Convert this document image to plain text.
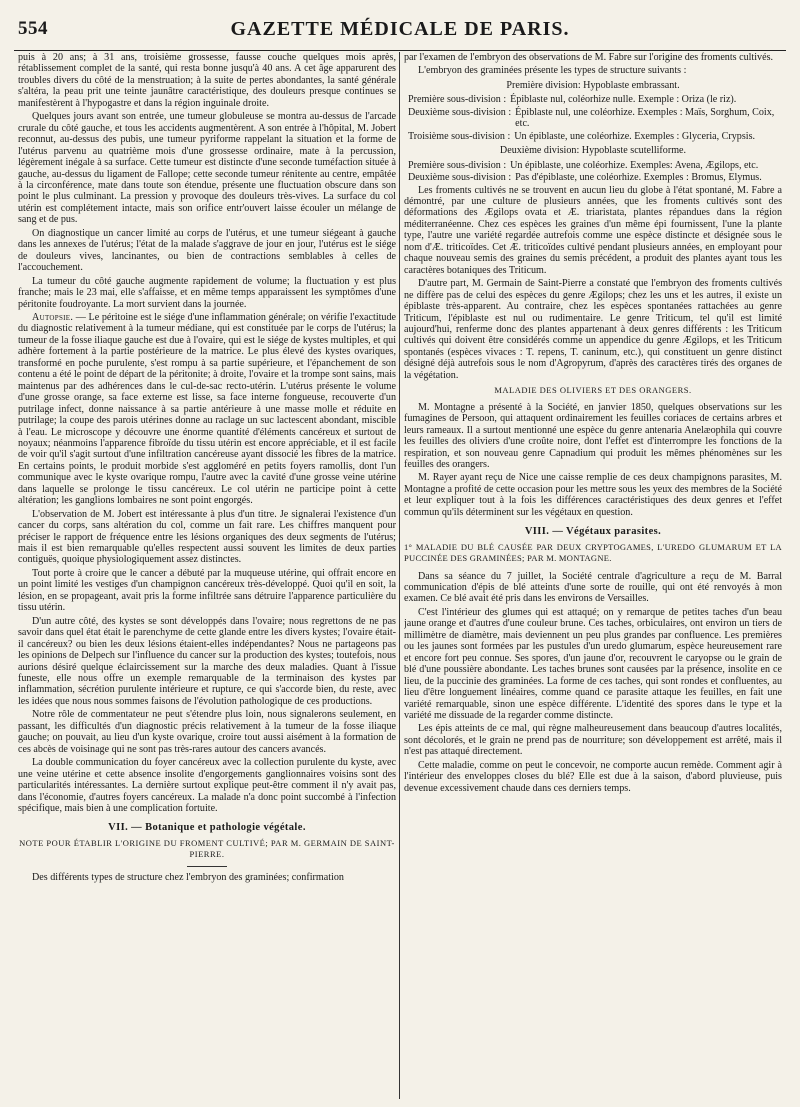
554	GAZETTE MÉDICALE DE PARIS.

puis à 20 ans; à 31 ans, troisième grossesse, fausse couche quelques mois après, rétablissement complet de la santé, qui resta bonne jusqu'à 40 ans. A cet âge apparurent des troubles divers du côté de la menstruation; à la suite de pertes abondantes, la santé générale s'altéra, la peau prit une teinte jaunâtre caractéristique, des douleurs presque continues se manifestèrent à l'hypogastre et dans la région inguinale droite.

Quelques jours avant son entrée, une tumeur globuleuse se montra au-dessus de l'arcade crurale du côté gauche, et tous les accidents augmentèrent. A son entrée à l'hôpital, M. Jobert reconnut, au-dessus des pubis, une tumeur pyriforme rappelant la situation et la forme de l'utérus parvenu au quatrième mois d'une grossesse ordinaire, mate à la percussion, légèrement inégale à sa surface. Cette tumeur est distincte d'une seconde tuméfaction située à gauche, au-dessus du ligament de Fallope; cette seconde tumeur rénitente au centre, empâtée à la circonférence, mate dans toute son étendue, présente une fluctuation obscure dans son point le plus culminant. La pression y provoque des douleurs très-vives. La surface du col utérin est complétement intacte, mais son orifice entr'ouvert laisse écouler un mélange de sang et de pus.

On diagnostique un cancer limité au corps de l'utérus, et une tumeur siégeant à gauche dans les annexes de l'utérus; l'état de la malade s'aggrave de jour en jour, l'utérus est le siége de douleurs vives, lancinantes, ou bien de contractions semblables à celles de l'accouchement.

La tumeur du côté gauche augmente rapidement de volume; la fluctuation y est plus franche; mais le 23 mai, elle s'affaisse, et en même temps apparaissent les symptômes d'une péritonite foudroyante. La mort survient dans la journée.

Autopsie. — Le péritoine est le siége d'une inflammation générale; on vérifie l'exactitude du diagnostic relativement à la tumeur médiane, qui est constituée par le corps de l'utérus; la tumeur de la fosse iliaque gauche est due à l'ovaire, qui est le siége de kystes multiples, et qui adhère fortement à la partie postérieure de la matrice. Le plus élevé des kystes ovariques, transformé en poche purulente, s'est rompu à sa partie supérieure, et l'épanchement de son contenu a été le point de départ de la péritonite; à droite, l'ovaire et la trompe sont sains, mais maintenus par des adhérences dans le cul-de-sac recto-utérin. L'utérus présente le volume d'une grosse orange, sa face externe est lisse, sa face interne fongueuse, recouverte d'un putrilage infect, donne naissance à sa partie antérieure à une masse molle et réduite en putrilage; la coupe des parois utérines donne au raclage un suc lactescent abondant, miscible à l'eau. Le microscope y découvre une énorme quantité d'éléments cancéreux et surtout de noyaux; néanmoins l'apparence fibroïde du tissu utérin est encore appréciable, et il est facile de voir qu'il s'agit surtout d'une infiltration cancéreuse ayant dissocié les fibres de la matrice. En certains points, le produit morbide s'est aggloméré en petits foyers ramollis, dont l'un communique avec le kyste ovarique rompu, l'autre avec la cavité d'une grosse veine utérine dans laquelle se prolonge le tissu cancéreux. Le col utérin ne participe point à cette altération; les ganglions lombaires ne sont point engorgés.

L'observation de M. Jobert est intéressante à plus d'un titre. Je signalerai l'existence d'un cancer du corps, sans altération du col, comme un fait rare. Les chiffres manquent pour préciser le rapport de fréquence entre les lésions organiques des deux segments de l'utérus; mais il est bien remarquable qu'elles respectent aussi souvent les limites de deux parties contiguës, quoique physiologiquement assez distinctes.

Tout porte à croire que le cancer a débuté par la muqueuse utérine, qui offrait encore en un point limité les vestiges d'un champignon cancéreux très-développé. Quoi qu'il en soit, la lésion, en se propageant, avait pris la forme infiltrée sans détruire l'apparence particulière du tissu utérin.

D'un autre côté, des kystes se sont développés dans l'ovaire; nous regrettons de ne pas savoir dans quel état était le parenchyme de cette glande entre les divers kystes; l'ovaire était-il cancéreux? ou bien les deux lésions étaient-elles indépendantes? Nous ne partageons pas les opinions de Delpech sur l'influence du cancer sur la production des kystes; toutefois, nous aurions désiré quelque éclaircissement sur la marche des deux maladies. Quant à l'issue funeste, elle nous offre un exemple remarquable de la terminaison des kystes par inflammation, sécrétion purulente intérieure et rupture, ce qui s'accorde bien, du reste, avec les idées que nous nous sommes faisons de l'évolution pathologique de ces productions.

Notre rôle de commentateur ne peut s'étendre plus loin, nous signalerons seulement, en passant, les difficultés d'un diagnostic précis relativement à la tumeur de la fosse iliaque gauche; on pouvait, au lieu d'un kyste ovarique, croire tout aussi aisément à la formation de ces abcès de voisinage qui ne sont pas très-rares autour des cancers avancés.

La double communication du foyer cancéreux avec la collection purulente du kyste, avec une veine utérine et cette absence insolite d'engorgements ganglionnaires voisins sont des particularités intéressantes. La dernière surtout explique peut-être comment il n'y avait pas, dans l'économie, d'autres foyers cancéreux. La malade n'a donc point succombé à l'infection spécifique, mais bien à une complication fortuite.

VII. — Botanique et pathologie végétale.
NOTE POUR ÉTABLIR L'ORIGINE DU FROMENT CULTIVÉ; PAR M. GERMAIN DE SAINT-PIERRE.

Des différents types de structure chez l'embryon des graminées; confirmation

par l'examen de l'embryon des observations de M. Fabre sur l'origine des froments cultivés.

L'embryon des graminées présente les types de structure suivants :

Première division: Hypoblaste embrassant.
Première sous-division : Épiblaste nul, coléorhize nulle. Exemple : Oriza (le riz).
Deuxième sous-division : Épiblaste nul, une coléorhize. Exemples : Maïs, Sorghum, Coix, etc.
Troisième sous-division : Un épiblaste, une coléorhize. Exemples : Glyceria, Crypsis.
Deuxième division: Hypoblaste scutelliforme.
Première sous-division : Un épiblaste, une coléorhize. Exemples: Avena, Ægilops, etc.
Deuxième sous-division : Pas d'épiblaste, une coléorhize. Exemples : Bromus, Elymus.

Les froments cultivés ne se trouvent en aucun lieu du globe à l'état spontané, M. Fabre a démontré, par une culture de plusieurs années, que les froments cultivés sont des déformations des Ægilops ovata et Æ. triaristata, plantes répandues dans la région méditerranéenne. Chez ces espèces les graines d'un même épi fournissent, l'une la plante type, l'autre une variété regardée autrefois comme une espèce distincte et désignée sous le nom d'Æ. triticoïdes. Cet Æ. triticoïdes cultivé pendant plusieurs années, en employant pour chaque nouveau semis des graines du semis précédent, a produit des plantes ayant tous les caractères botaniques des Triticum.

D'autre part, M. Germain de Saint-Pierre a constaté que l'embryon des froments cultivés ne diffère pas de celui des espèces du genre Ægilops; chez les uns et les autres, il existe un épiblaste très-apparent. Au contraire, chez les espèces spontanées rattachées au genre Triticum, l'épiblaste est nul ou rudimentaire. Le genre Triticum, tel qu'il est limité aujourd'hui, renferme donc des plantes appartenant à deux genres différents : les Triticum cultivés qui doivent être considérés comme un appendice du genre Ægilops, et les Triticum spontanés (espèces vivaces : T. repens, T. caninum, etc.), qui constituent un genre distinct désigné déjà autrefois sous le nom d'Agropyrum, d'après des caractères tirés des organes de la végétation.

MALADIE DES OLIVIERS ET DES ORANGERS.

M. Montagne a présenté à la Société, en janvier 1850, quelques observations sur les fumagines de Persoon, qui attaquent ordinairement les feuilles coriaces de certains arbres et leurs rameaux. Il a surtout mentionné une espèce du genre antenaria Anelæophila qui couvre les feuilles des oliviers d'une croûte noire, dont l'effet est d'interrompre les fonctions de la respiration, et son nouveau genre Capnadium qui produit les mêmes phénomènes sur les feuilles des orangers.

M. Rayer ayant reçu de Nice une caisse remplie de ces deux champignons parasites, M. Montagne a profité de cette occasion pour les mettre sous les yeux des membres de la Société et leur expliquer tout à la fois les différences caractéristiques des deux genres et l'effet commun qu'ils déterminent sur les végétaux en question.

VIII. — Végétaux parasites.
1° MALADIE DU BLÉ CAUSÉE PAR DEUX CRYPTOGAMES, L'UREDO GLUMARUM ET LA PUCCINÉE DES GRAMINÉES; PAR M. MONTAGNE.

Dans sa séance du 7 juillet, la Société centrale d'agriculture a reçu de M. Barral communication d'épis de blé atteints d'une sorte de rouille, qui ont été renvoyés à mon examen. Ce blé avait été pris dans les environs de Versailles.

C'est l'intérieur des glumes qui est attaqué; on y remarque de petites taches d'un beau jaune orange et d'autres d'une couleur brune. Ces taches, orbiculaires, ont environ un tiers de millimètre de diamètre, mais deviennent un peu plus grandes par confluence. Les premières ou les jaunes sont formées par les pustules d'un uredo glumarum, espèce heureusement rare et encore fort peu connue. Ses spores, d'un jaune d'or, recouvrent le caryopse ou le grain de blé d'une poussière abondante. Les taches brunes sont causées par la présence, insolite en ce lieu, de la puccinie des graminées. La forme de ces taches, qui sont rondes et confluentes, au lieu d'être longuement linéaires, comme quand ce parasite attaque les feuilles, en fait une variété remarquable, sinon une espèce différente. L'identité des spores dans le type et la variété me dissuade de la regarder comme distincte.

Les épis atteints de ce mal, qui règne malheureusement dans beaucoup d'autres localités, sont décolorés, et le grain ne prend pas de nourriture; son développement est arrêté, mais il n'est pas attaqué directement.

Cette maladie, comme on peut le concevoir, ne comporte aucun remède. Comment agir à l'intérieur des enveloppes closes du blé? Elle est due à la saison, d'abord pluvieuse, puis devenue excessivement chaude dans ces derniers temps.
